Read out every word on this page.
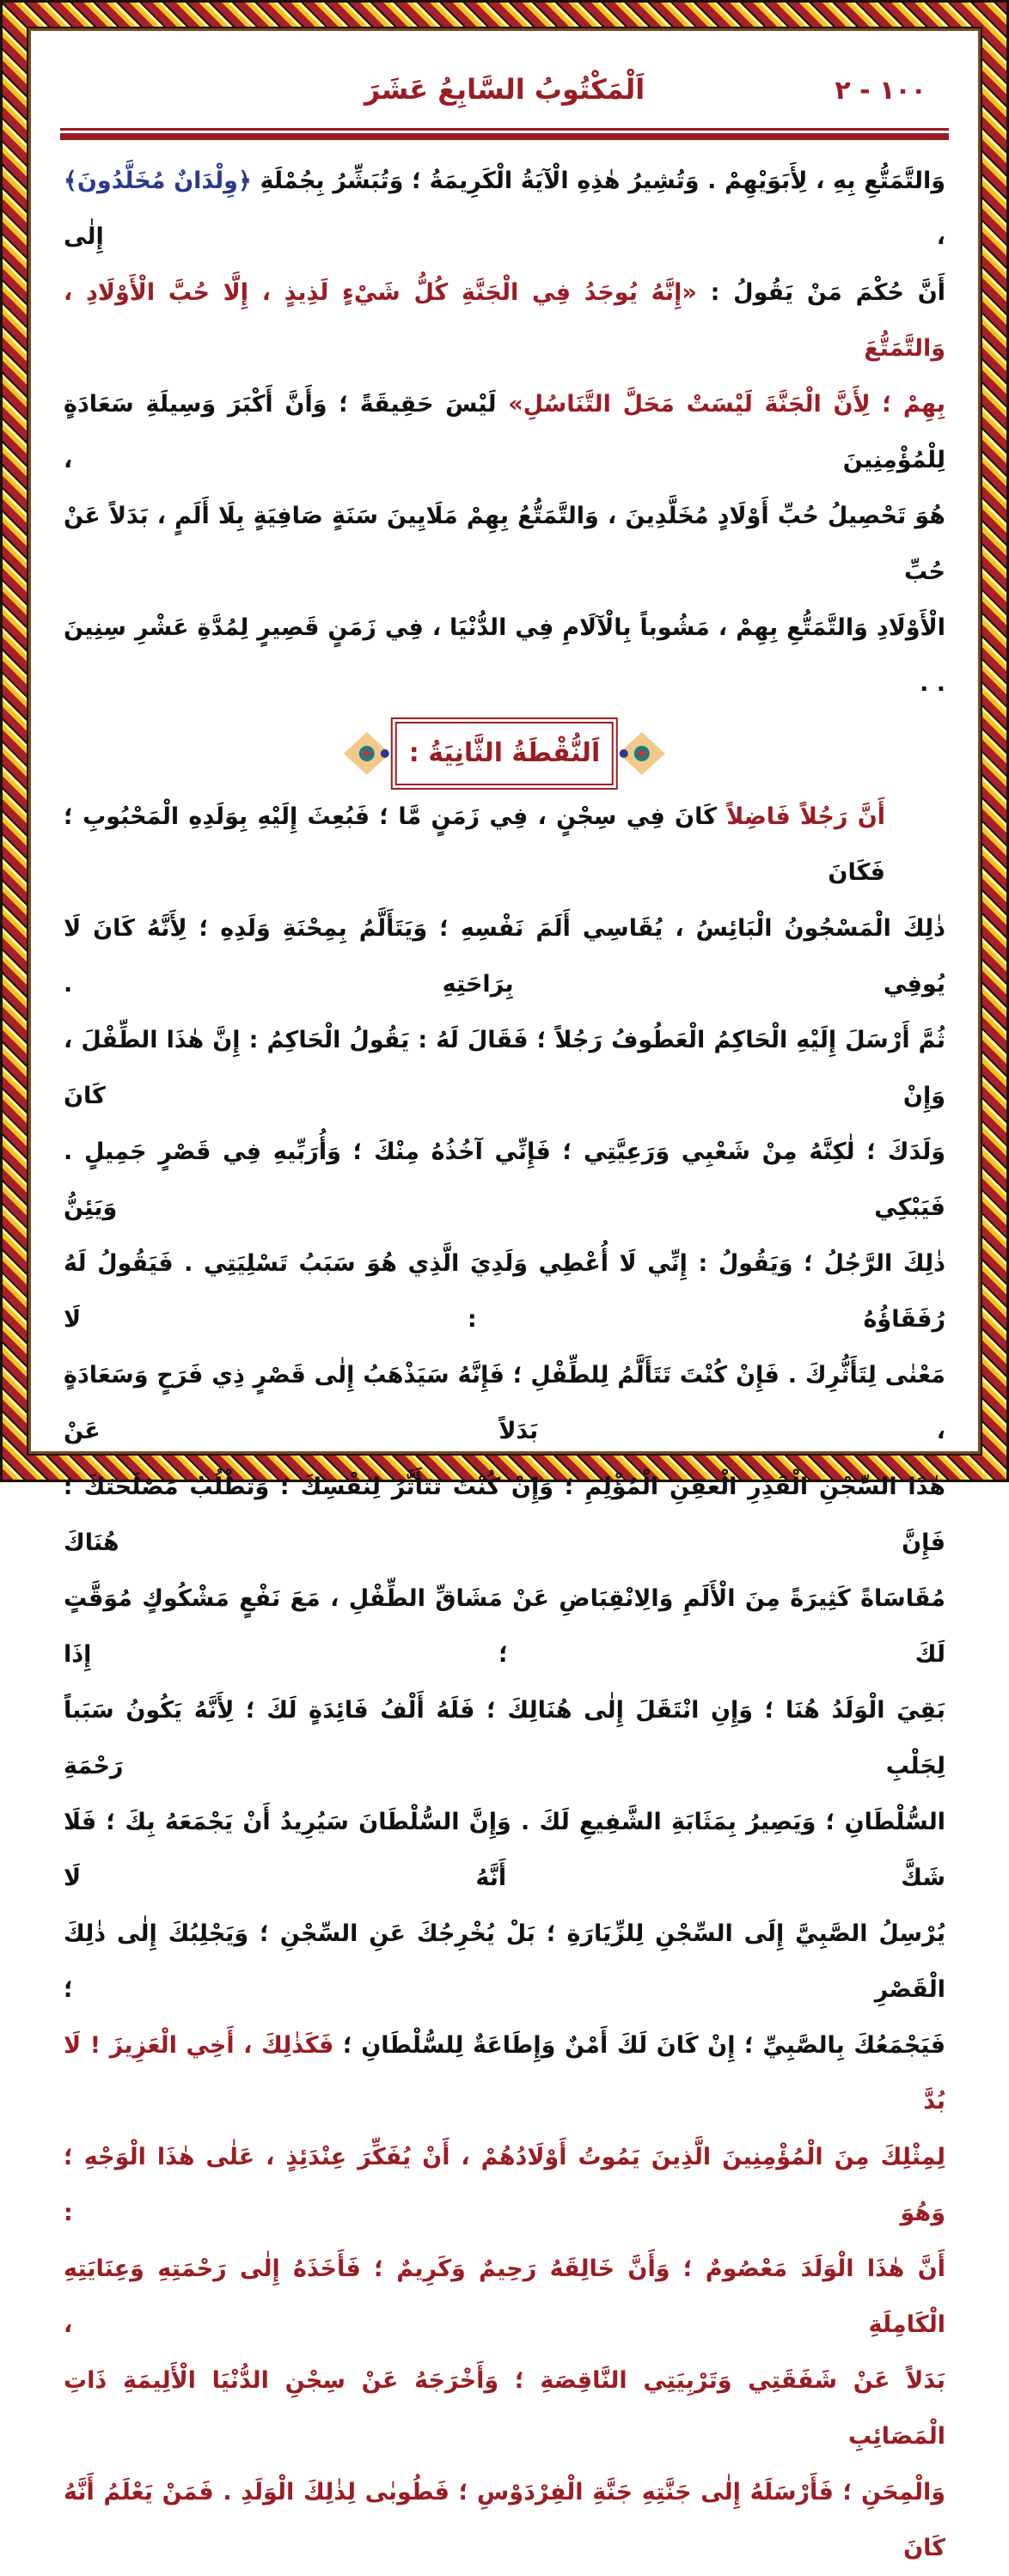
١٠٠ - ٢
اَلْمَكْتُوبُ السَّابِعُ عَشَرَ
وَالتَّمَتُّعِ بِهِ ، لِأَبَوَيْهِمْ . وَتُشِيرُ هٰذِهِ الْآيَةُ الْكَرِيمَةُ ؛ وَتُبَشِّرُ بِجُمْلَةِ ﴿وِلْدَانٌ مُخَلَّدُونَ﴾ ، إِلٰى
أَنَّ حُكْمَ مَنْ يَقُولُ : «إِنَّهُ يُوجَدُ فِي الْجَنَّةِ كُلُّ شَيْءٍ لَذِيذٍ ، إِلَّا حُبَّ الْأَوْلَادِ ، وَالتَّمَتُّعَ
بِهِمْ ؛ لِأَنَّ الْجَنَّةَ لَيْسَتْ مَحَلَّ التَّنَاسُلِ» لَيْسَ حَقِيقَةً ؛ وَأَنَّ أَكْبَرَ وَسِيلَةِ سَعَادَةٍ لِلْمُؤْمِنِينَ ،
هُوَ تَحْصِيلُ حُبِّ أَوْلَادٍ مُخَلَّدِينَ ، وَالتَّمَتُّعُ بِهِمْ مَلَايِينَ سَنَةٍ صَافِيَةٍ بِلَا أَلَمٍ ، بَدَلاً عَنْ حُبِّ
الْأَوْلَادِ وَالتَّمَتُّعِ بِهِمْ ، مَشُوباً بِالْآلَامِ فِي الدُّنْيَا ، فِي زَمَنٍ قَصِيرٍ لِمُدَّةِ عَشْرِ سِنِينَ . .
اَلنُّقْطَةُ الثَّانِيَةُ :
أَنَّ رَجُلاً فَاضِلاً كَانَ فِي سِجْنٍ ، فِي زَمَنٍ مَّا ؛ فَبُعِثَ إِلَيْهِ بِوَلَدِهِ الْمَحْبُوبِ ؛ فَكَانَ
ذٰلِكَ الْمَسْجُونُ الْبَائِسُ ، يُقَاسِي أَلَمَ نَفْسِهِ ؛ وَيَتَأَلَّمُ بِمِحْنَةِ وَلَدِهِ ؛ لِأَنَّهُ كَانَ لَا يُوفِي بِرَاحَتِهِ .
ثُمَّ أَرْسَلَ إِلَيْهِ الْحَاكِمُ الْعَطُوفُ رَجُلاً ؛ فَقَالَ لَهُ : يَقُولُ الْحَاكِمُ : إِنَّ هٰذَا الطِّفْلَ ، وَإِنْ كَانَ
وَلَدَكَ ؛ لٰكِنَّهُ مِنْ شَعْبِي وَرَعِيَّتِي ؛ فَإِنِّي آخُذُهُ مِنْكَ ؛ وَأُرَبِّيهِ فِي قَصْرٍ جَمِيلٍ . فَيَبْكِي وَيَئِنُّ
ذٰلِكَ الرَّجُلُ ؛ وَيَقُولُ : إِنِّي لَا أُعْطِي وَلَدِيَ الَّذِي هُوَ سَبَبُ تَسْلِيَتِي . فَيَقُولُ لَهُ رُفَقَاؤُهُ : لَا
مَعْنٰى لِتَأَثُّرِكَ . فَإِنْ كُنْتَ تَتَأَلَّمُ لِلطِّفْلِ ؛ فَإِنَّهُ سَيَذْهَبُ إِلٰى قَصْرٍ ذِي فَرَحٍ وَسَعَادَةٍ ، بَدَلاً عَنْ
هٰذَا السِّجْنِ الْقَذِرِ الْعَفِنِ الْمُؤْلِمِ ؛ وَإِنْ كُنْتَ تَتَأَثَّرُ لِنَفْسِكَ ؛ وَتَطْلُبُ مَصْلَحَتَكَ ؛ فَإِنَّ هُنَاكَ
مُقَاسَاةً كَثِيرَةً مِنَ الْأَلَمِ وَالِانْقِبَاضِ عَنْ مَشَاقِّ الطِّفْلِ ، مَعَ نَفْعٍ مَشْكُوكٍ مُوَقَّتٍ لَكَ ؛ إِذَا
بَقِيَ الْوَلَدُ هُنَا ؛ وَإِنِ انْتَقَلَ إِلٰى هُنَالِكَ ؛ فَلَهُ أَلْفُ فَائِدَةٍ لَكَ ؛ لِأَنَّهُ يَكُونُ سَبَباً لِجَلْبِ رَحْمَةِ
السُّلْطَانِ ؛ وَيَصِيرُ بِمَثَابَةِ الشَّفِيعِ لَكَ . وَإِنَّ السُّلْطَانَ سَيُرِيدُ أَنْ يَجْمَعَهُ بِكَ ؛ فَلَا شَكَّ أَنَّهُ لَا
يُرْسِلُ الصَّبِيَّ إِلَى السِّجْنِ لِلزِّيَارَةِ ؛ بَلْ يُخْرِجُكَ عَنِ السِّجْنِ ؛ وَيَجْلِبُكَ إِلٰى ذٰلِكَ الْقَصْرِ ؛
فَيَجْمَعُكَ بِالصَّبِيِّ ؛ إِنْ كَانَ لَكَ أَمْنٌ وَإِطَاعَةٌ لِلسُّلْطَانِ ؛ فَكَذٰلِكَ ، أَخِي الْعَزِيزَ ! لَا بُدَّ
لِمِثْلِكَ مِنَ الْمُؤْمِنِينَ الَّذِينَ يَمُوتُ أَوْلَادُهُمْ ، أَنْ يُفَكِّرَ عِنْدَئِذٍ ، عَلٰى هٰذَا الْوَجْهِ ؛ وَهُوَ :
أَنَّ هٰذَا الْوَلَدَ مَعْصُومٌ ؛ وَأَنَّ خَالِقَهُ رَحِيمٌ وَكَرِيمٌ ؛ فَأَخَذَهُ إِلٰى رَحْمَتِهِ وَعِنَايَتِهِ الْكَامِلَةِ ،
بَدَلاً عَنْ شَفَقَتِي وَتَرْبِيَتِي النَّاقِصَةِ ؛ وَأَخْرَجَهُ عَنْ سِجْنِ الدُّنْيَا الْأَلِيمَةِ ذَاتِ الْمَصَائِبِ
وَالْمِحَنِ ؛ فَأَرْسَلَهُ إِلٰى جَنَّتِهِ جَنَّةِ الْفِرْدَوْسِ ؛ فَطُوبٰى لِذٰلِكَ الْوَلَدِ . فَمَنْ يَعْلَمُ أَنَّهُ كَانَ
